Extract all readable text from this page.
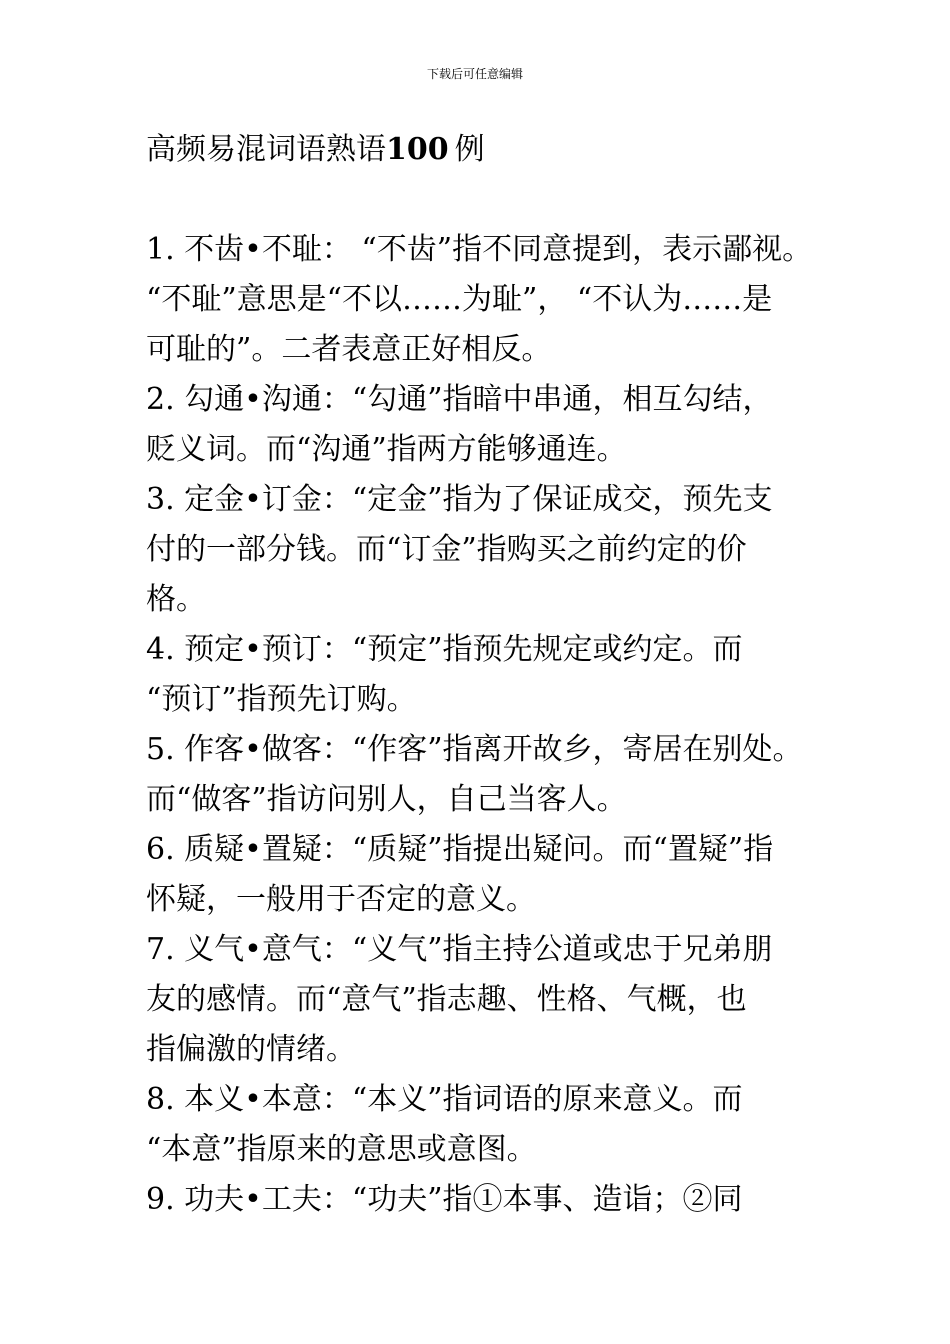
下载后可任意编辑
高频易混词语熟语100  例

1. 不齿•不耻： “不齿”指不同意提到，表示鄙视。
“不耻”意思是“不以……为耻”， “不认为……是
可耻的”。二者表意正好相反。

2. 勾通•沟通：“勾通”指暗中串通，相互勾结，
贬义词。而“沟通”指两方能够通连。

3. 定金•订金：“定金”指为了保证成交，预先支
付的一部分钱。而“订金”指购买之前约定的价
格。

4. 预定•预订：“预定”指预先规定或约定。而
“预订”指预先订购。

5. 作客•做客：“作客”指离开故乡，寄居在别处。
而“做客”指访问别人，自己当客人。

6. 质疑•置疑：“质疑”指提出疑问。而“置疑”指
怀疑，一般用于否定的意义。

7. 义气•意气：“义气”指主持公道或忠于兄弟朋
友的感情。而“意气”指志趣、性格、气概，也
指偏激的情绪。

8. 本义•本意：“本义”指词语的原来意义。而
“本意”指原来的意思或意图。

9. 功夫•工夫：“功夫”指①本事、造诣；②同
